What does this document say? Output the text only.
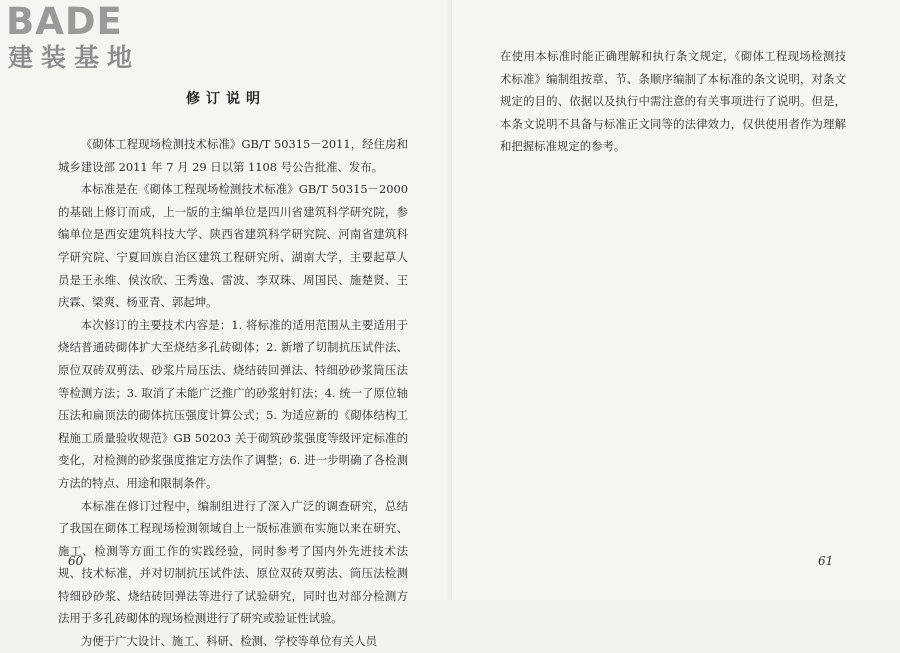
BADE
建装基地
修订说明

《砌体工程现场检测技术标准》GB/T 50315－2011，经住房和城乡建设部 2011 年 7 月 29 日以第 1108 号公告批准、发布。

本标准是在《砌体工程现场检测技术标准》GB/T 50315－2000 的基础上修订而成，上一版的主编单位是四川省建筑科学研究院，参编单位是西安建筑科技大学、陕西省建筑科学研究院、河南省建筑科学研究院、宁夏回族自治区建筑工程研究所、湖南大学，主要起草人员是王永维、侯汝欣、王秀逸、雷波、李双珠、周国民、施楚贤、王庆霖、梁爽、杨亚青、郭起坤。

本次修订的主要技术内容是：1. 将标准的适用范围从主要适用于烧结普通砖砌体扩大至烧结多孔砖砌体；2. 新增了切制抗压试件法、原位双砖双剪法、砂浆片局压法、烧结砖回弹法、特细砂砂浆筒压法等检测方法；3. 取消了未能广泛推广的砂浆射钉法；4. 统一了原位轴压法和扁顶法的砌体抗压强度计算公式；5. 为适应新的《砌体结构工程施工质量验收规范》GB 50203 关于砌筑砂浆强度等级评定标准的变化，对检测的砂浆强度推定方法作了调整；6. 进一步明确了各检测方法的特点、用途和限制条件。

本标准在修订过程中，编制组进行了深入广泛的调查研究，总结了我国在砌体工程现场检测领域自上一版标准颁布实施以来在研究、施工、检测等方面工作的实践经验，同时参考了国内外先进技术法规、技术标准，并对切制抗压试件法、原位双砖双剪法、筒压法检测特细砂砂浆、烧结砖回弹法等进行了试验研究，同时也对部分检测方法用于多孔砖砌体的现场检测进行了研究或验证性试验。

为便于广大设计、施工、科研、检测、学校等单位有关人员

60

在使用本标准时能正确理解和执行条文规定，《砌体工程现场检测技术标准》编制组按章、节、条顺序编制了本标准的条文说明，对条文规定的目的、依据以及执行中需注意的有关事项进行了说明。但是，本条文说明不具备与标准正文同等的法律效力，仅供使用者作为理解和把握标准规定的参考。

61
